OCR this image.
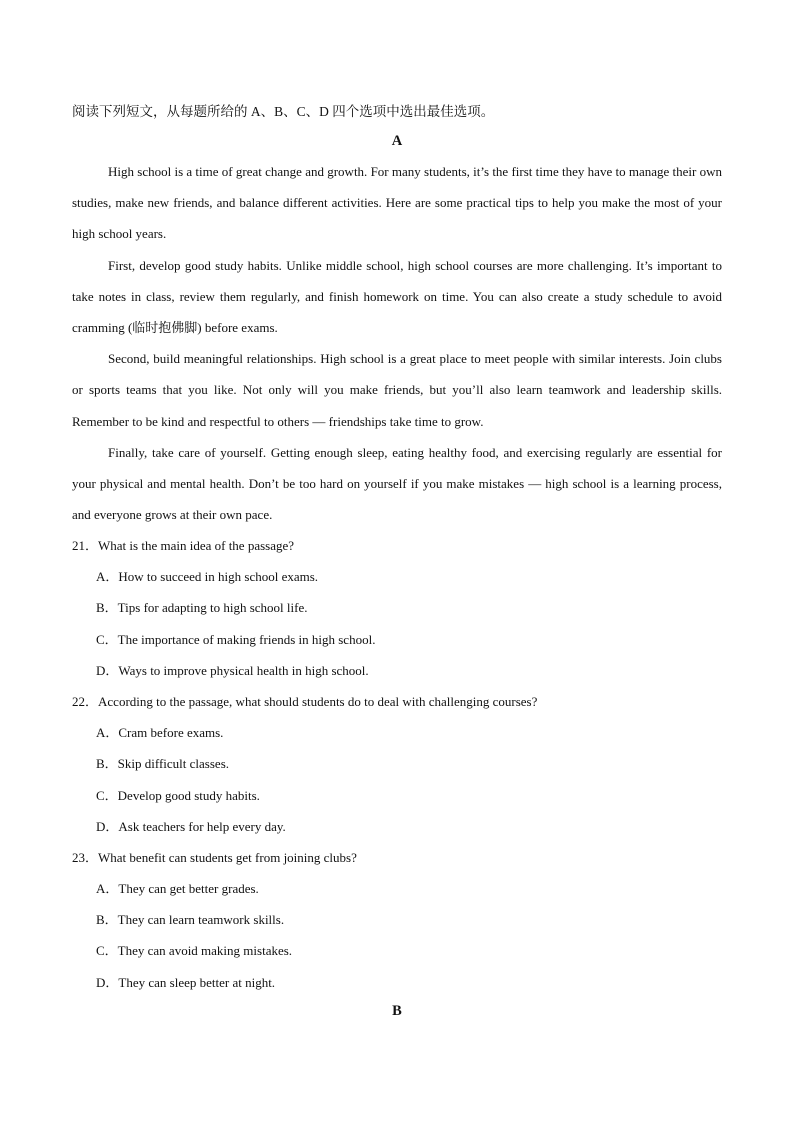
阅读下列短文，从每题所给的 A、B、C、D 四个选项中选出最佳选项。
A

High school is a time of great change and growth. For many students, it’s the first time they have to manage their own studies, make new friends, and balance different activities. Here are some practical tips to help you make the most of your high school years.

First, develop good study habits. Unlike middle school, high school courses are more challenging. It’s important to take notes in class, review them regularly, and finish homework on time. You can also create a study schedule to avoid cramming (临时抱佛脚) before exams.

Second, build meaningful relationships. High school is a great place to meet people with similar interests. Join clubs or sports teams that you like. Not only will you make friends, but you’ll also learn teamwork and leadership skills. Remember to be kind and respectful to others — friendships take time to grow.

Finally, take care of yourself. Getting enough sleep, eating healthy food, and exercising regularly are essential for your physical and mental health. Don’t be too hard on yourself if you make mistakes — high school is a learning process, and everyone grows at their own pace.

21．What is the main idea of the passage?
A．How to succeed in high school exams.
B．Tips for adapting to high school life.
C．The importance of making friends in high school.
D．Ways to improve physical health in high school.
22．According to the passage, what should students do to deal with challenging courses?
A．Cram before exams.
B．Skip difficult classes.
C．Develop good study habits.
D．Ask teachers for help every day.
23．What benefit can students get from joining clubs?
A．They can get better grades.
B．They can learn teamwork skills.
C．They can avoid making mistakes.
D．They can sleep better at night.
B
